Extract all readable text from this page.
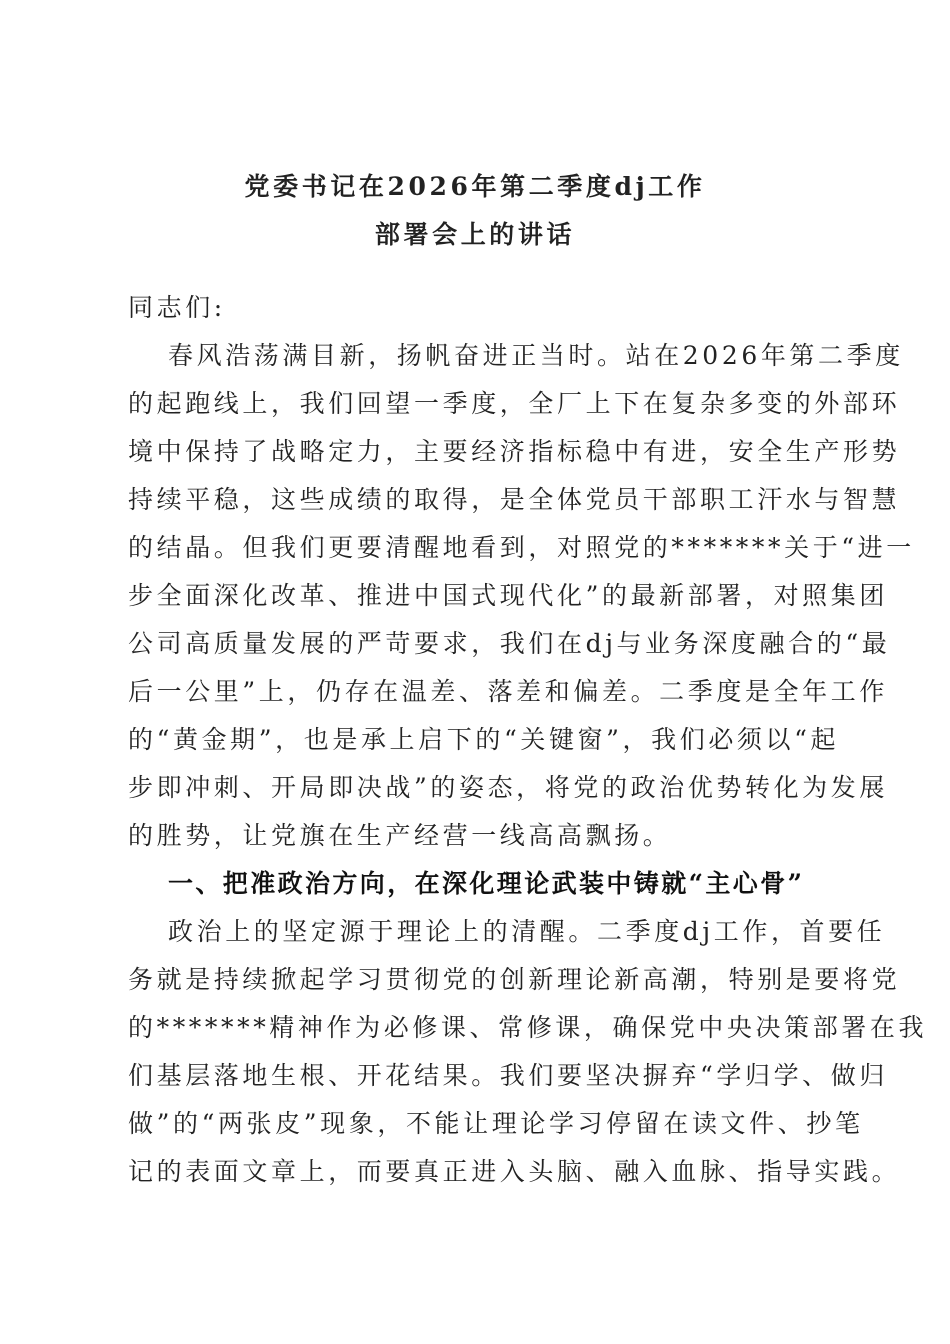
党委书记在2026年第二季度dj工作
部署会上的讲话
同志们:
春风浩荡满目新，扬帆奋进正当时。站在2026年第二季度
的起跑线上，我们回望一季度，全厂上下在复杂多变的外部环
境中保持了战略定力，主要经济指标稳中有进，安全生产形势
持续平稳，这些成绩的取得，是全体党员干部职工汗水与智慧
的结晶。但我们更要清醒地看到，对照党的*******关于“进一
步全面深化改革、推进中国式现代化”的最新部署，对照集团
公司高质量发展的严苛要求，我们在dj与业务深度融合的“最
后一公里”上，仍存在温差、落差和偏差。二季度是全年工作
的“黄金期”，也是承上启下的“关键窗”，我们必须以“起
步即冲刺、开局即决战”的姿态，将党的政治优势转化为发展
的胜势，让党旗在生产经营一线高高飘扬。
一、把准政治方向，在深化理论武装中铸就“主心骨”
政治上的坚定源于理论上的清醒。二季度dj工作，首要任
务就是持续掀起学习贯彻党的创新理论新高潮，特别是要将党
的*******精神作为必修课、常修课，确保党中央决策部署在我
们基层落地生根、开花结果。我们要坚决摒弃“学归学、做归
做”的“两张皮”现象，不能让理论学习停留在读文件、抄笔
记的表面文章上，而要真正进入头脑、融入血脉、指导实践。
